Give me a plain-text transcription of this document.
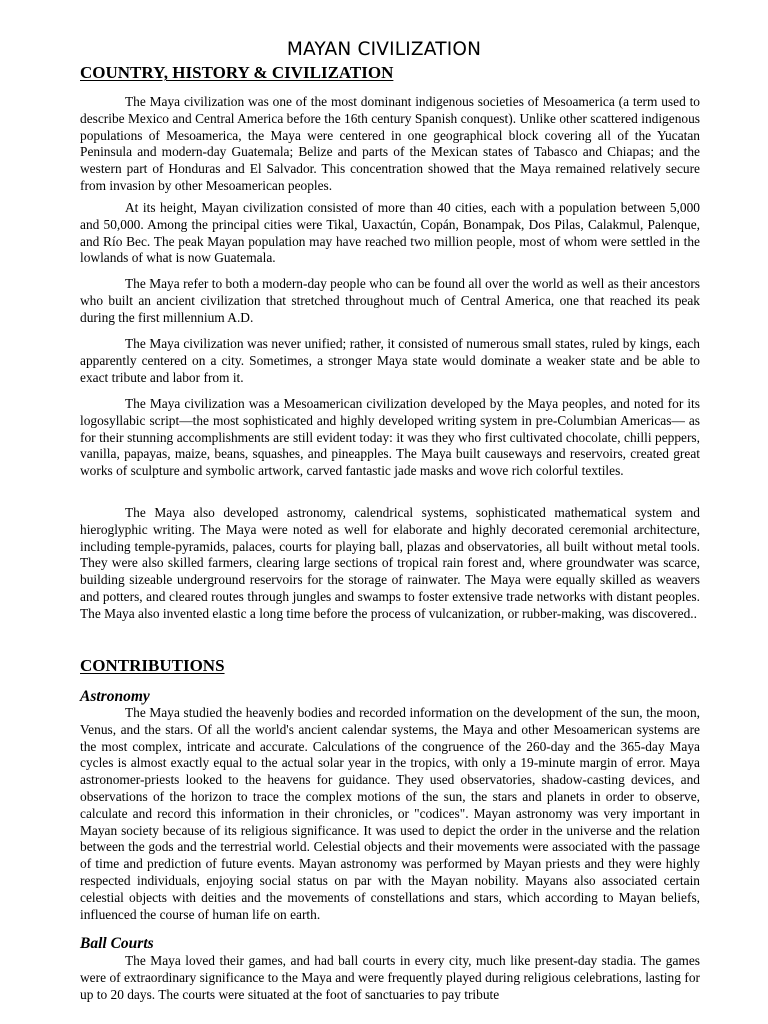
MAYAN CIVILIZATION
COUNTRY, HISTORY & CIVILIZATION

The Maya civilization was one of the most dominant indigenous societies of Mesoamerica (a term used to describe Mexico and Central America before the 16th century Spanish conquest). Unlike other scattered indigenous populations of Mesoamerica, the Maya were centered in one geographical block covering all of the Yucatan Peninsula and modern-day Guatemala; Belize and parts of the Mexican states of Tabasco and Chiapas; and the western part of Honduras and El Salvador. This concentration showed that the Maya remained relatively secure from invasion by other Mesoamerican peoples.

At its height, Mayan civilization consisted of more than 40 cities, each with a population between 5,000 and 50,000. Among the principal cities were Tikal, Uaxactún, Copán, Bonampak, Dos Pilas, Calakmul, Palenque, and Río Bec. The peak Mayan population may have reached two million people, most of whom were settled in the lowlands of what is now Guatemala.

The Maya refer to both a modern-day people who can be found all over the world as well as their ancestors who built an ancient civilization that stretched throughout much of Central America, one that reached its peak during the first millennium A.D.

The Maya civilization was never unified; rather, it consisted of numerous small states, ruled by kings, each apparently centered on a city. Sometimes, a stronger Maya state would dominate a weaker state and be able to exact tribute and labor from it.

The Maya civilization was a Mesoamerican civilization developed by the Maya peoples, and noted for its logosyllabic script—the most sophisticated and highly developed writing system in pre-Columbian Americas— as for their stunning accomplishments are still evident today: it was they who first cultivated chocolate, chilli peppers, vanilla, papayas, maize, beans, squashes, and pineapples. The Maya built causeways and reservoirs, created great works of sculpture and symbolic artwork, carved fantastic jade masks and wove rich colorful textiles.

The Maya also developed astronomy, calendrical systems, sophisticated mathematical system and hieroglyphic writing. The Maya were noted as well for elaborate and highly decorated ceremonial architecture, including temple-pyramids, palaces, courts for playing ball, plazas and observatories, all built without metal tools. They were also skilled farmers, clearing large sections of tropical rain forest and, where groundwater was scarce, building sizeable underground reservoirs for the storage of rainwater. The Maya were equally skilled as weavers and potters, and cleared routes through jungles and swamps to foster extensive trade networks with distant peoples. The Maya also invented elastic a long time before the process of vulcanization, or rubber-making, was discovered..

CONTRIBUTIONS
Astronomy

The Maya studied the heavenly bodies and recorded information on the development of the sun, the moon, Venus, and the stars. Of all the world's ancient calendar systems, the Maya and other Mesoamerican systems are the most complex, intricate and accurate. Calculations of the congruence of the 260-day and the 365-day Maya cycles is almost exactly equal to the actual solar year in the tropics, with only a 19-minute margin of error. Maya astronomer-priests looked to the heavens for guidance. They used observatories, shadow-casting devices, and observations of the horizon to trace the complex motions of the sun, the stars and planets in order to observe, calculate and record this information in their chronicles, or "codices". Mayan astronomy was very important in Mayan society because of its religious significance. It was used to depict the order in the universe and the relation between the gods and the terrestrial world. Celestial objects and their movements were associated with the passage of time and prediction of future events. Mayan astronomy was performed by Mayan priests and they were highly respected individuals, enjoying social status on par with the Mayan nobility. Mayans also associated certain celestial objects with deities and the movements of constellations and stars, which according to Mayan beliefs, influenced the course of human life on earth.

Ball Courts

The Maya loved their games, and had ball courts in every city, much like present-day stadia. The games were of extraordinary significance to the Maya and were frequently played during religious celebrations, lasting for up to 20 days. The courts were situated at the foot of sanctuaries to pay tribute
